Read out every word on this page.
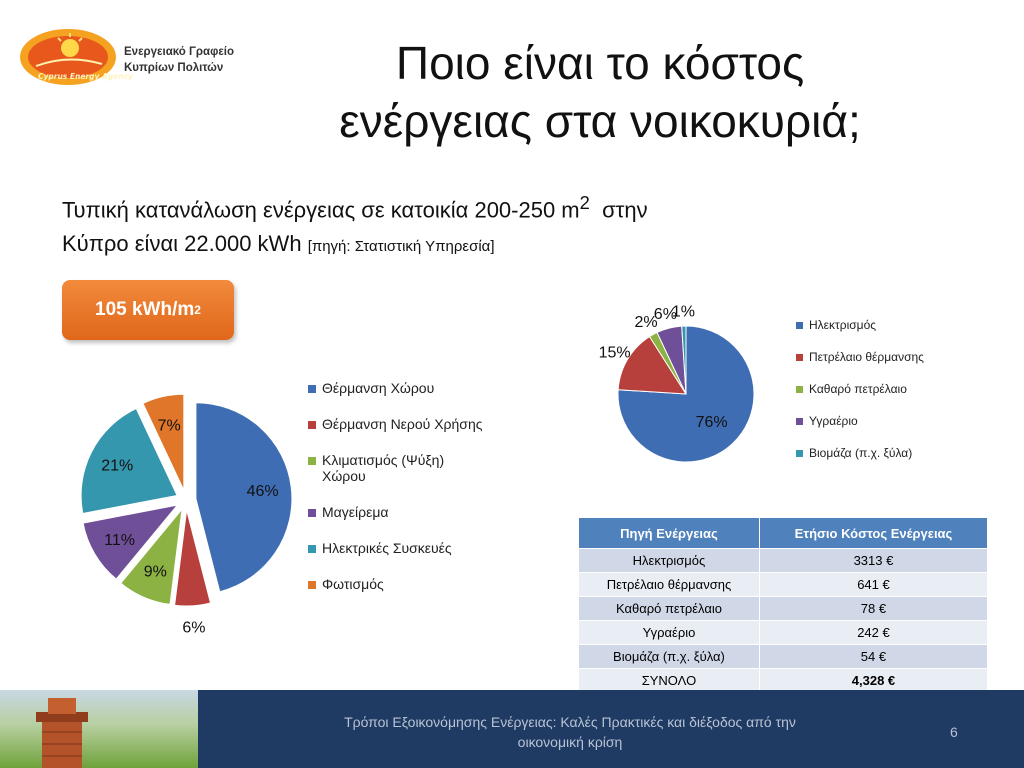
Cyprus Energy Agency
Ενεργειακό Γραφείο
Κυπρίων Πολιτών	Ποιο είναι το κόστος
ενέργειας στα νοικοκυριά;
Τυπική κατανάλωση ενέργειας σε κατοικία 200-250 $m^2$  στην
Κύπρο είναι 22.000 kWh [πηγή: Στατιστική Υπηρεσία]
105 kWh/m 2
46%
6%
9%
11%
21%
7%	76%
15%
2%
6%
1%
Θέρμανση Χώρου
Θέρμανση Νερού Χρήσης
Κλιματισμός (Ψύξη)
Χώρου
Μαγείρεμα
Ηλεκτρικές Συσκευές
Φωτισμός
Ηλεκτρισμός
Πετρέλαιο θέρμανσης
Καθαρό πετρέλαιο
Υγραέριο
Βιομάζα (π.χ. ξύλα)
Πηγή Ενέργειας	Ετήσιο Κόστος Ενέργειας
Ηλεκτρισμός	3313 €
Πετρέλαιο θέρμανσης	641 €
Καθαρό πετρέλαιο	78 €
Υγραέριο	242 €
Βιομάζα (π.χ. ξύλα)	54 €
ΣΥΝΟΛΟ	4,328 €
Τρόποι Εξοικονόμησης Ενέργειας: Καλές Πρακτικές και διέξοδος από την
οικονομική κρίση
6
